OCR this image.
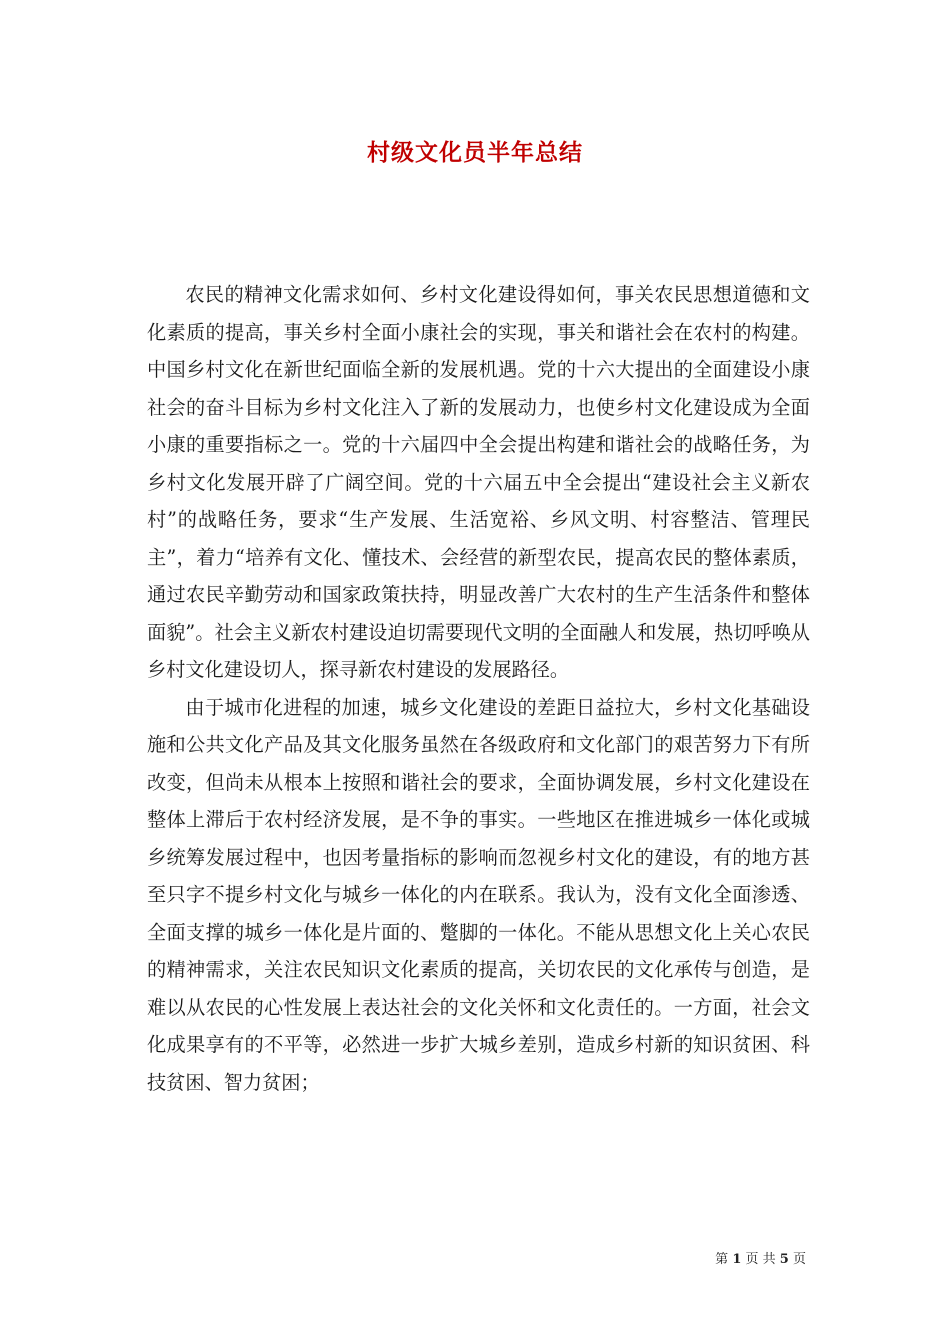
村级文化员半年总结

农民的精神文化需求如何、乡村文化建设得如何，事关农民思想道德和文化素质的提高，事关乡村全面小康社会的实现，事关和谐社会在农村的构建。中国乡村文化在新世纪面临全新的发展机遇。党的十六大提出的全面建设小康社会的奋斗目标为乡村文化注入了新的发展动力，也使乡村文化建设成为全面小康的重要指标之一。党的十六届四中全会提出构建和谐社会的战略任务，为乡村文化发展开辟了广阔空间。党的十六届五中全会提出“建设社会主义新农村”的战略任务，要求“生产发展、生活宽裕、乡风文明、村容整洁、管理民主”，着力“培养有文化、懂技术、会经营的新型农民，提高农民的整体素质，通过农民辛勤劳动和国家政策扶持，明显改善广大农村的生产生活条件和整体面貌”。社会主义新农村建设迫切需要现代文明的全面融人和发展，热切呼唤从乡村文化建设切人，探寻新农村建设的发展路径。

由于城市化进程的加速，城乡文化建设的差距日益拉大，乡村文化基础设施和公共文化产品及其文化服务虽然在各级政府和文化部门的艰苦努力下有所改变，但尚未从根本上按照和谐社会的要求，全面协调发展，乡村文化建设在整体上滞后于农村经济发展，是不争的事实。一些地区在推进城乡一体化或城乡统筹发展过程中，也因考量指标的影响而忽视乡村文化的建设，有的地方甚至只字不提乡村文化与城乡一体化的内在联系。我认为，没有文化全面渗透、全面支撑的城乡一体化是片面的、蹩脚的一体化。不能从思想文化上关心农民的精神需求，关注农民知识文化素质的提高，关切农民的文化承传与创造，是难以从农民的心性发展上表达社会的文化关怀和文化责任的。一方面，社会文化成果享有的不平等，必然进一步扩大城乡差别，造成乡村新的知识贫困、科技贫困、智力贫困；

第 1 页 共 5 页
